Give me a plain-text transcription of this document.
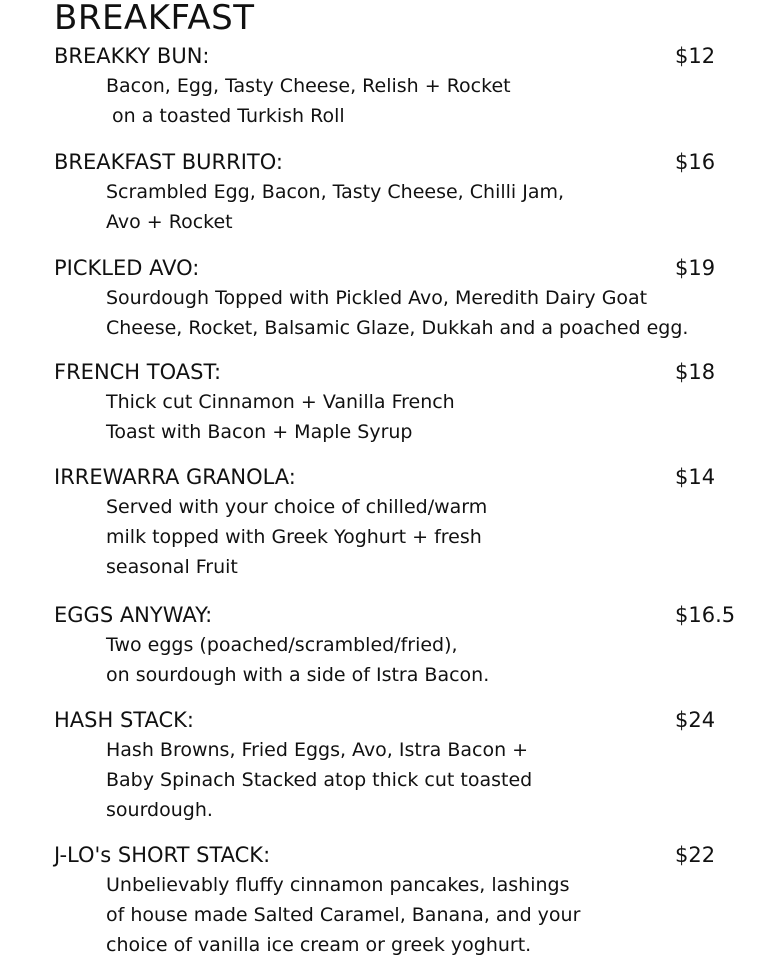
BREAKFAST
BREAKKY BUN:	$12
Bacon, Egg, Tasty Cheese, Relish + Rocket
on a toasted Turkish Roll
BREAKFAST BURRITO:	$16
Scrambled Egg, Bacon, Tasty Cheese, Chilli Jam,
Avo + Rocket
PICKLED AVO:	$19
Sourdough Topped with Pickled Avo, Meredith Dairy Goat
Cheese, Rocket, Balsamic Glaze, Dukkah and a poached egg.
FRENCH TOAST:	$18
Thick cut Cinnamon + Vanilla French
Toast with Bacon + Maple Syrup
IRREWARRA GRANOLA:	$14
Served with your choice of chilled/warm
milk topped with Greek Yoghurt + fresh
seasonal Fruit
EGGS ANYWAY:	$16.5
Two eggs (poached/scrambled/fried),
on sourdough with a side of Istra Bacon.
HASH STACK:	$24
Hash Browns, Fried Eggs, Avo, Istra Bacon +
Baby Spinach Stacked atop thick cut toasted
sourdough.
J-LO's SHORT STACK:	$22
Unbelievably fluffy cinnamon pancakes, lashings
of house made Salted Caramel, Banana, and your
choice of vanilla ice cream or greek yoghurt.
